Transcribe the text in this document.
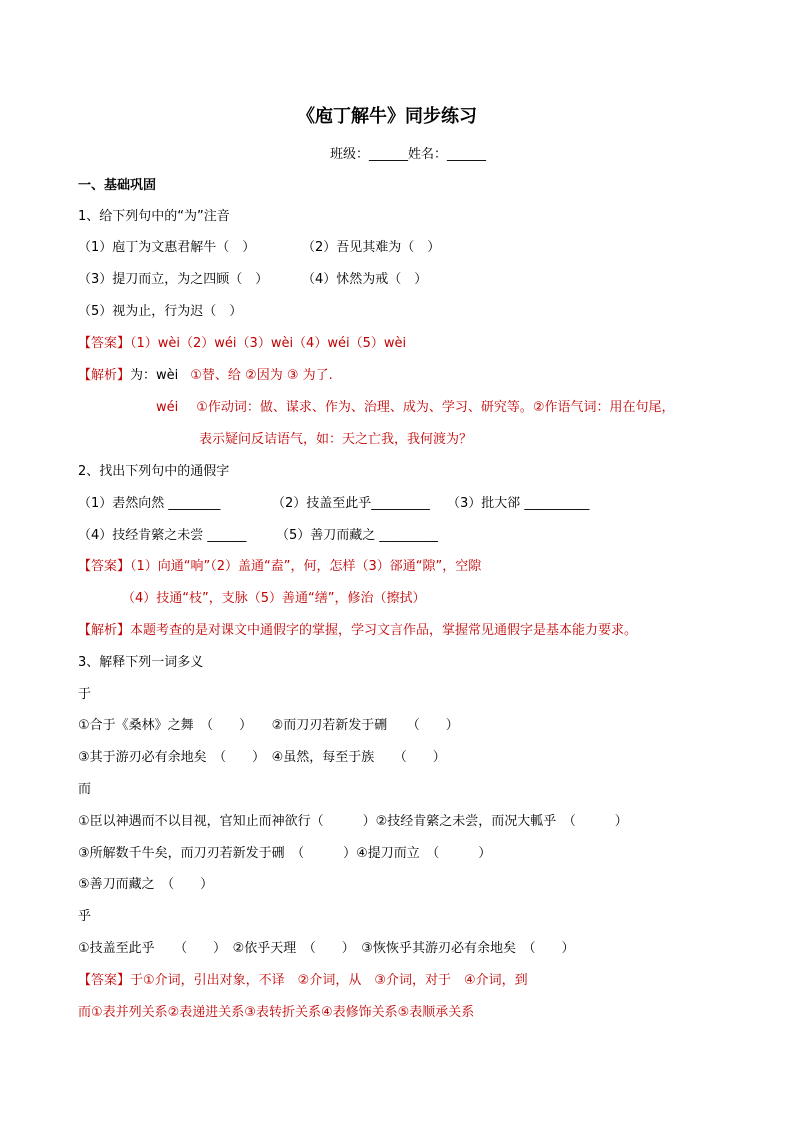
《庖丁解牛》同步练习
班级：______姓名：______
一、基础巩固
1、给下列句中的“为”注音
（1）庖丁为文惠君解牛（　）	（2）吾见其难为（　）
（3）提刀而立，为之四顾（　）	（4）怵然为戒（　）
（5）视为止，行为迟（　）
【答案】（1）wèi（2）wéi（3）wèi（4）wéi（5）wèi
【解析】为：wèi ①替、给 ②因为 ③ 为了.
wéi ①作动词：做、谋求、作为、治理、成为、学习、研究等。②作语气词：用在句尾，
表示疑问反诘语气，如：天之亡我，我何渡为？
2、找出下列句中的通假字
（1）砉然向然 ________	（2）技盖至此乎_________ （3）批大郤 __________
（4）技经肯綮之未尝 ______ （5）善刀而藏之 _________
【答案】（1）向通“响”（2）盖通“盍”，何，怎样（3）郤通“隙”，空隙
（4）技通“枝”，支脉（5）善通“缮”，修治（擦拭）
【解析】本题考查的是对课文中通假字的掌握，学习文言作品，掌握常见通假字是基本能力要求。
3、解释下列一词多义
于
①合于《桑林》之舞　（　　）　　②而刀刃若新发于硎　　（　　）
③其于游刃必有余地矣　（　　）　④虽然，每至于族　　（　　）
而
①臣以神遇而不以目视，官知止而神欲行（　　　）②技经肯綮之未尝，而况大軱乎　（　　　）
③所解数千牛矣，而刀刃若新发于硎　（　　　）④提刀而立　（　　　）
⑤善刀而藏之　（　　）
乎
①技盖至此乎　　（　　）　②依乎天理　（　　）　③恢恢乎其游刃必有余地矣　（　　）
【答案】于①介词，引出对象，不译　②介词，从　③介词，对于　④介词，到
而①表并列关系②表递进关系③表转折关系④表修饰关系⑤表顺承关系
